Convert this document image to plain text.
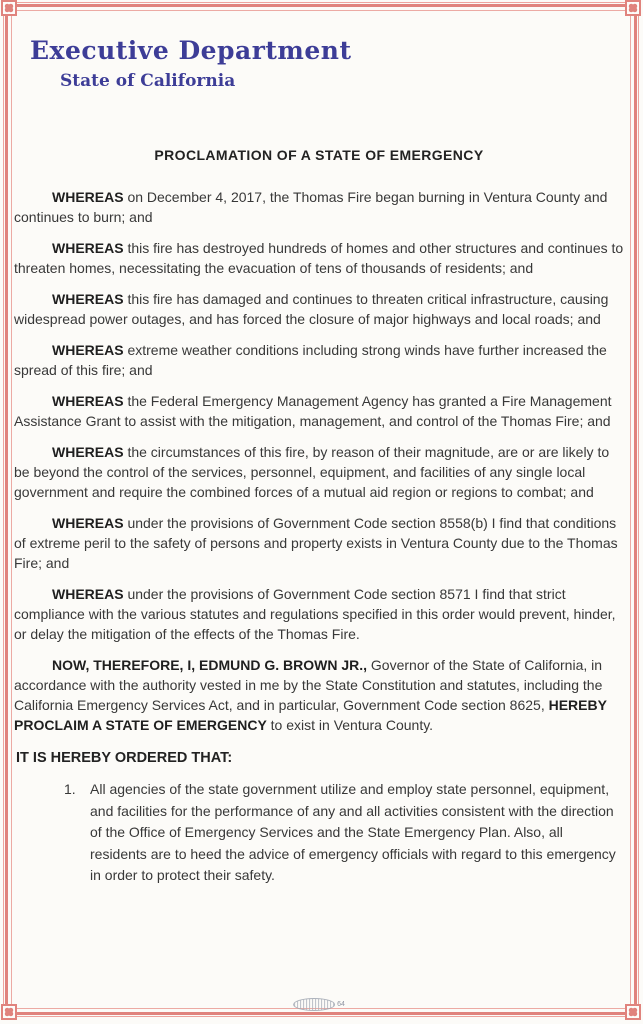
Executive Department
State of California
PROCLAMATION OF A STATE OF EMERGENCY

WHEREAS on December 4, 2017, the Thomas Fire began burning in Ventura County and continues to burn; and

WHEREAS this fire has destroyed hundreds of homes and other structures and continues to threaten homes, necessitating the evacuation of tens of thousands of residents; and

WHEREAS this fire has damaged and continues to threaten critical infrastructure, causing widespread power outages, and has forced the closure of major highways and local roads; and

WHEREAS extreme weather conditions including strong winds have further increased the spread of this fire; and

WHEREAS the Federal Emergency Management Agency has granted a Fire Management Assistance Grant to assist with the mitigation, management, and control of the Thomas Fire; and

WHEREAS the circumstances of this fire, by reason of their magnitude, are or are likely to be beyond the control of the services, personnel, equipment, and facilities of any single local government and require the combined forces of a mutual aid region or regions to combat; and

WHEREAS under the provisions of Government Code section 8558(b) I find that conditions of extreme peril to the safety of persons and property exists in Ventura County due to the Thomas Fire; and

WHEREAS under the provisions of Government Code section 8571 I find that strict compliance with the various statutes and regulations specified in this order would prevent, hinder, or delay the mitigation of the effects of the Thomas Fire.

NOW, THEREFORE, I, EDMUND G. BROWN JR., Governor of the State of California, in accordance with the authority vested in me by the State Constitution and statutes, including the California Emergency Services Act, and in particular, Government Code section 8625, HEREBY PROCLAIM A STATE OF EMERGENCY to exist in Ventura County.

IT IS HEREBY ORDERED THAT:
1.	All agencies of the state government utilize and employ state personnel, equipment, and facilities for the performance of any and all activities consistent with the direction of the Office of Emergency Services and the State Emergency Plan. Also, all residents are to heed the advice of emergency officials with regard to this emergency in order to protect their safety.
64
